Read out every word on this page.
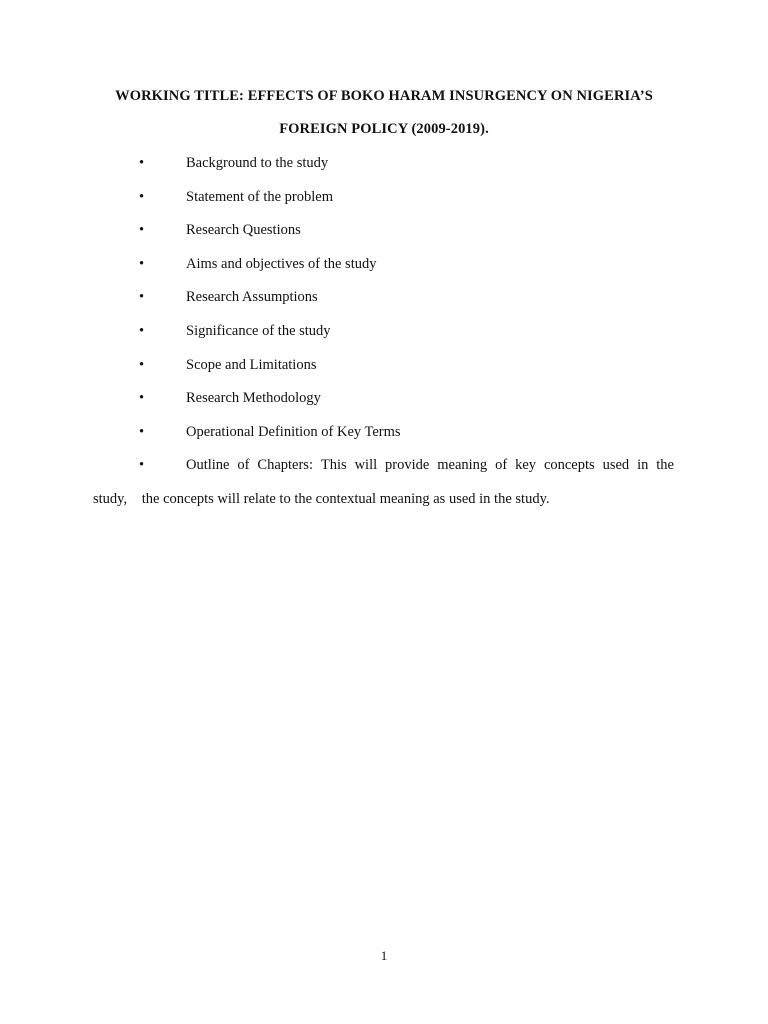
WORKING TITLE: EFFECTS OF BOKO HARAM INSURGENCY ON NIGERIA’S
FOREIGN POLICY (2009-2019).
•	Background to the study
•	Statement of the problem
•	Research Questions
•	Aims and objectives of the study
•	Research Assumptions
•	Significance of the study
•	Scope and Limitations
•	Research Methodology
•	Operational Definition of Key Terms
•	Outline of Chapters: This will provide meaning of key concepts used in the
study, the concepts will relate to the contextual meaning as used in the study.
1
